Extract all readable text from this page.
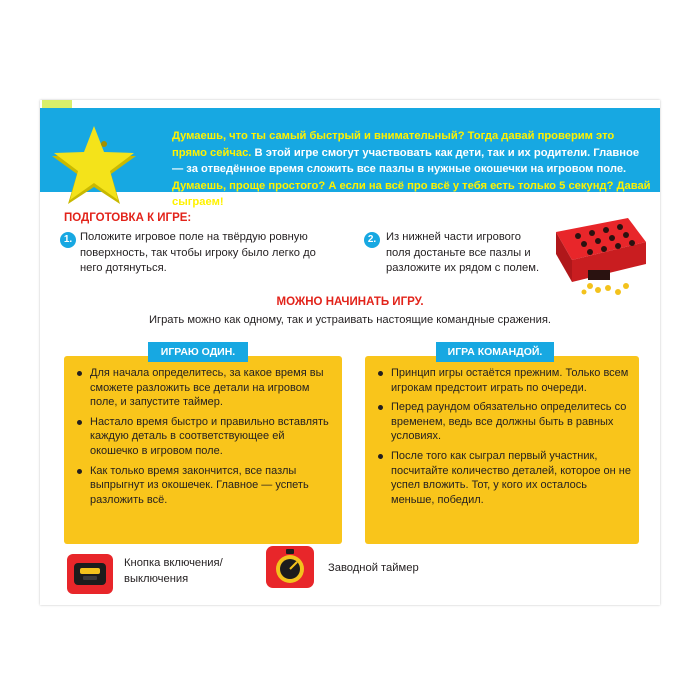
Думаешь, что ты самый быстрый и внимательный? Тогда давай проверим это прямо сейчас. В этой игре смогут участвовать как дети, так и их родители. Главное — за отведённое время сложить все пазлы в нужные окошечки на игровом поле. Думаешь, проще простого? А если на всё про всё у тебя есть только 5 секунд? Давай сыграем!
ПОДГОТОВКА К ИГРЕ:
1. Положите игровое поле на твёрдую ровную поверхность, так чтобы игроку было легко до него дотянуться.
2. Из нижней части игрового поля достаньте все пазлы и разложите их рядом с полем.
МОЖНО НАЧИНАТЬ ИГРУ.
Играть можно как одному, так и устраивать настоящие командные сражения.
ИГРАЮ ОДИН.	ИГРА КОМАНДОЙ.
Для начала определитесь, за какое время вы сможете разложить все детали на игровом поле, и запустите таймер.
Настало время быстро и правильно вставлять каждую деталь в соответствующее ей окошечко в игровом поле.
Как только время закончится, все пазлы выпрыгнут из окошечек. Главное — успеть разложить всё.
Принцип игры остаётся прежним. Только всем игрокам предстоит играть по очереди.
Перед раундом обязательно определитесь со временем, ведь все должны быть в равных условиях.
После того как сыграл первый участник, посчитайте количество деталей, которое он не успел вложить. Тот, у кого их осталось меньше, победил.
Кнопка включения/ выключения
Заводной таймер
